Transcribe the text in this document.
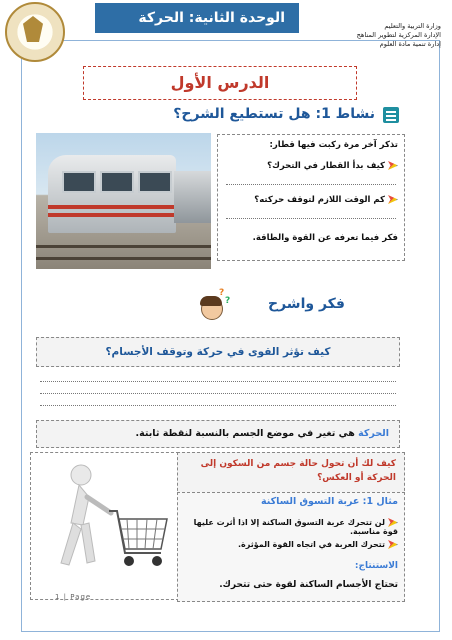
الوحدة الثانية: الحركة	وزارة التربية والتعليم
الإدارة المركزية لتطوير المناهج
إدارة تنمية مادة العلوم
الدرس الأول
نشاط 1: هل تستطيع الشرح؟
تذكر آخر مرة ركبت فيها قطار:
كيف بدأ القطار في التحرك؟
كم الوقت اللازم لتوقف حركته؟
فكر فيما تعرفه عن القوة والطاقة.
?
?	فكر واشرح
كيف تؤثر القوى في حركة وتوقف الأجسام؟
الحركة هي تغير في موضع الجسم بالنسبة لنقطة ثابتة.
كيف لك أن تحول حالة جسم من السكون إلى الحركة أو العكس؟
مثال 1: عربة التسوق الساكنة
لن تتحرك عربة التسوق الساكنة إلا اذا أثرت عليها قوة مناسبة.
تتحرك العربة في اتجاه القوة المؤثرة.
الاستنتاج:
تحتاج الأجسام الساكنة لقوة حتى تتحرك.
1 | Page
